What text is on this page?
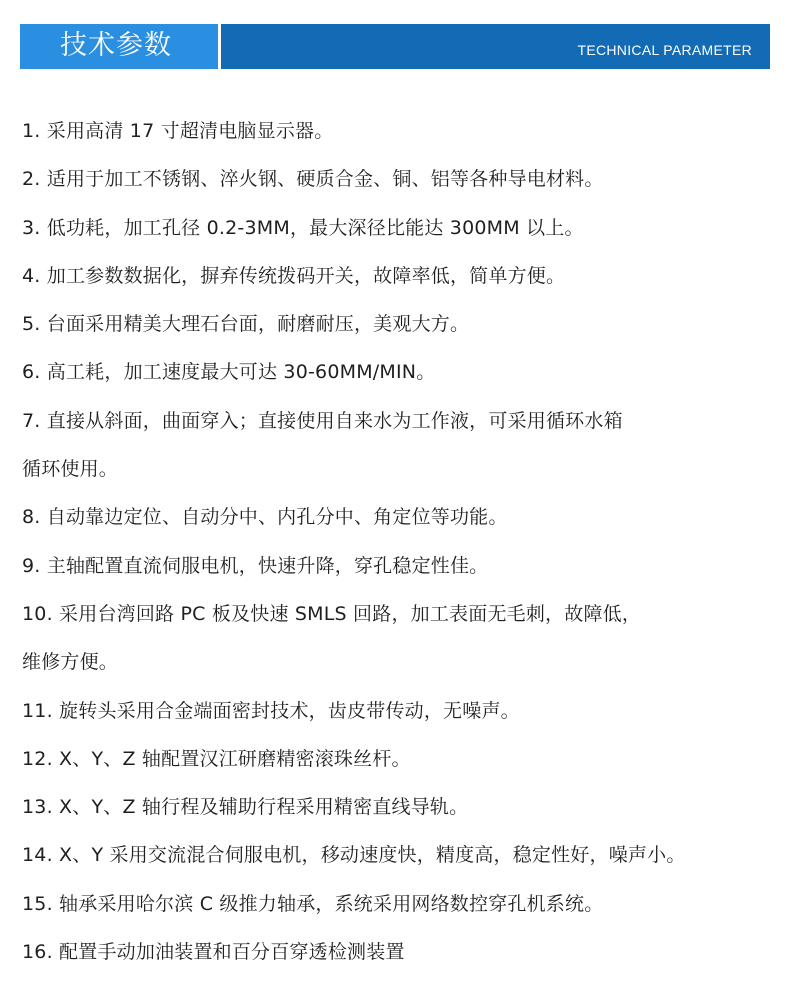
技术参数	TECHNICAL PARAMETER
1. 采用高清 17 寸超清电脑显示器。
2. 适用于加工不锈钢、淬火钢、硬质合金、铜、铝等各种导电材料。
3. 低功耗，加工孔径 0.2-3MM，最大深径比能达 300MM 以上。
4. 加工参数数据化，摒弃传统拨码开关，故障率低，简单方便。
5. 台面采用精美大理石台面，耐磨耐压，美观大方。
6. 高工耗，加工速度最大可达 30-60MM/MIN。
7. 直接从斜面，曲面穿入；直接使用自来水为工作液，可采用循环水箱
循环使用。
8. 自动靠边定位、自动分中、内孔分中、角定位等功能。
9. 主轴配置直流伺服电机，快速升降，穿孔稳定性佳。
10. 采用台湾回路 PC 板及快速 SMLS 回路，加工表面无毛刺，故障低，
维修方便。
11. 旋转头采用合金端面密封技术，齿皮带传动，无噪声。
12. X、Y、Z 轴配置汉江研磨精密滚珠丝杆。
13. X、Y、Z 轴行程及辅助行程采用精密直线导轨。
14. X、Y 采用交流混合伺服电机，移动速度快，精度高，稳定性好，噪声小。
15. 轴承采用哈尔滨 C 级推力轴承，系统采用网络数控穿孔机系统。
16. 配置手动加油装置和百分百穿透检测装置
